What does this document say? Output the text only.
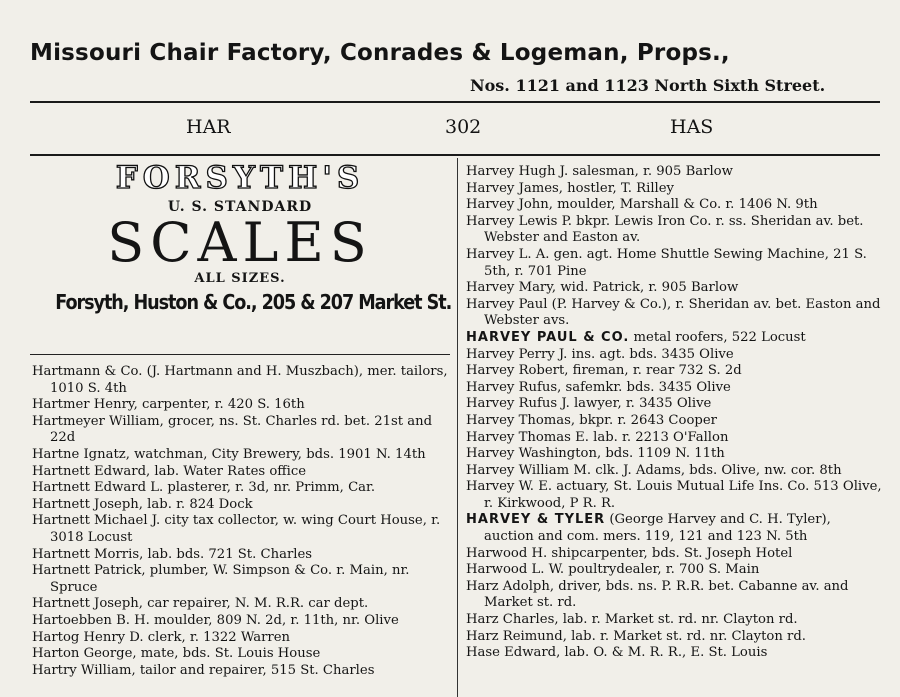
Missouri Chair Factory, Conrades & Logeman, Props.,
Nos. 1121 and 1123 North Sixth Street.
HAR	302	HAS
FORSYTH'S
U. S. STANDARD
SCALES
ALL SIZES.
Forsyth, Huston & Co., 205 & 207 Market St.

Hartmann & Co. (J. Hartmann and H. Muszbach), mer. tailors, 1010 S. 4th

Hartmer Henry, carpenter, r. 420 S. 16th

Hartmeyer William, grocer, ns. St. Charles rd. bet. 21st and 22d

Hartne Ignatz, watchman, City Brewery, bds. 1901 N. 14th

Hartnett Edward, lab. Water Rates office

Hartnett Edward L. plasterer, r. 3d, nr. Primm, Car.

Hartnett Joseph, lab. r. 824 Dock

Hartnett Michael J. city tax collector, w. wing Court House, r. 3018 Locust

Hartnett Morris, lab. bds. 721 St. Charles

Hartnett Patrick, plumber, W. Simpson & Co. r. Main, nr. Spruce

Hartnett Joseph, car repairer, N. M. R.R. car dept.

Hartoebben B. H. moulder, 809 N. 2d, r. 11th, nr. Olive

Hartog Henry D. clerk, r. 1322 Warren

Harton George, mate, bds. St. Louis House

Hartry William, tailor and repairer, 515 St. Charles

Harvey Hugh J. salesman, r. 905 Barlow

Harvey James, hostler, T. Rilley

Harvey John, moulder, Marshall & Co. r. 1406 N. 9th

Harvey Lewis P. bkpr. Lewis Iron Co. r. ss. Sheridan av. bet. Webster and Easton av.

Harvey L. A. gen. agt. Home Shuttle Sewing Machine, 21 S. 5th, r. 701 Pine

Harvey Mary, wid. Patrick, r. 905 Barlow

Harvey Paul (P. Harvey & Co.), r. Sheridan av. bet. Easton and Webster avs.

HARVEY PAUL & CO. metal roofers, 522 Locust

Harvey Perry J. ins. agt. bds. 3435 Olive

Harvey Robert, fireman, r. rear 732 S. 2d

Harvey Rufus, safemkr. bds. 3435 Olive

Harvey Rufus J. lawyer, r. 3435 Olive

Harvey Thomas, bkpr. r. 2643 Cooper

Harvey Thomas E. lab. r. 2213 O'Fallon

Harvey Washington, bds. 1109 N. 11th

Harvey William M. clk. J. Adams, bds. Olive, nw. cor. 8th

Harvey W. E. actuary, St. Louis Mutual Life Ins. Co. 513 Olive, r. Kirkwood, P R. R.

HARVEY & TYLER (George Harvey and C. H. Tyler), auction and com. mers. 119, 121 and 123 N. 5th

Harwood H. shipcarpenter, bds. St. Joseph Hotel

Harwood L. W. poultrydealer, r. 700 S. Main

Harz Adolph, driver, bds. ns. P. R.R. bet. Cabanne av. and Market st. rd.

Harz Charles, lab. r. Market st. rd. nr. Clayton rd.

Harz Reimund, lab. r. Market st. rd. nr. Clayton rd.

Hase Edward, lab. O. & M. R. R., E. St. Louis
